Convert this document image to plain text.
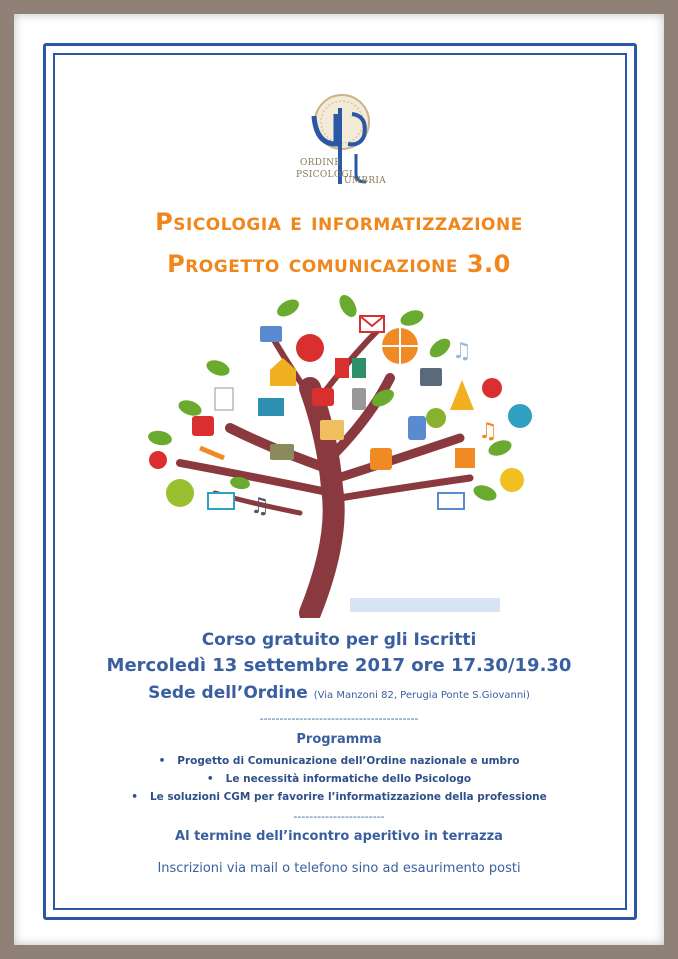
ORDINE
PSICOLOGI
UMBRIA
Psicologia e informatizzazione
Progetto comunicazione 3.0
♫
♫
♫

Corso gratuito per gli Iscritti

Mercoledì 13 settembre 2017 ore 17.30/19.30

Sede dell’Ordine (Via Manzoni 82, Perugia Ponte S.Giovanni)

----------------------------------------
Programma
• Progetto di Comunicazione dell’Ordine nazionale e umbro
• Le necessità informatiche dello Psicologo
• Le soluzioni CGM per favorire l’informatizzazione della professione
-----------------------
Al termine dell’incontro aperitivo in terrazza
Inscrizioni via mail o telefono sino ad esaurimento posti
